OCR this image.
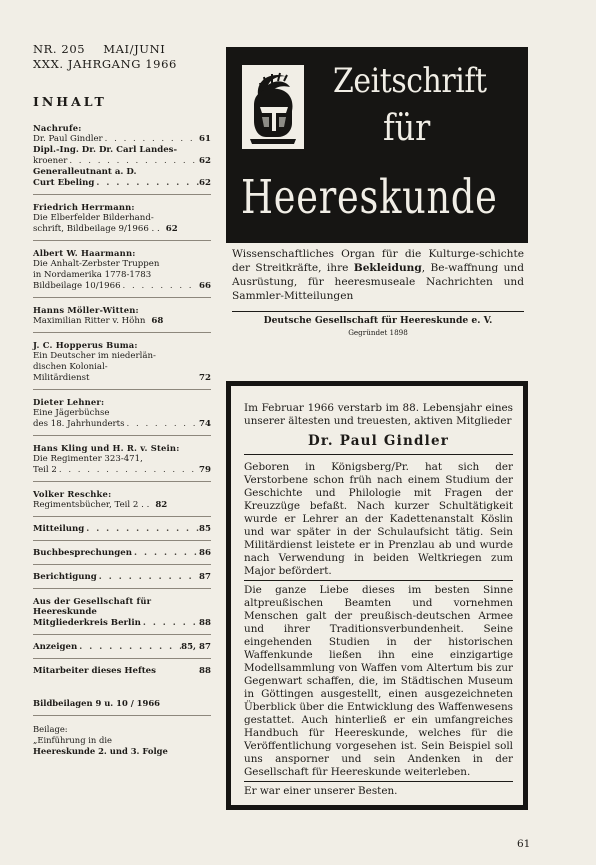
NR. 205 MAI/JUNI
XXX. JAHRGANG 1966
INHALT
Nachrufe:
Dr. Paul Gindler . . .	61
Dipl.-Ing. Dr. Dr. Carl Landes-
kroener . . .	62
Generalleutnant a. D.
Curt Ebeling . . .	62
Friedrich Herrmann:
Die Elberfelder Bilderhand-
schrift, Bildbeilage 9/1966 . . 62
Albert W. Haarmann:
Die Anhalt-Zerbster Truppen
in Nordamerika 1778-1783
Bildbeilage 10/1966 . . .	66
Hanns Möller-Witten:
Maximilian Ritter v. Höhn 68
J. C. Hopperus Buma:
Ein Deutscher im niederlän-
dischen Kolonial-
Militärdienst	72
Dieter Lehner:
Eine Jägerbüchse
des 18. Jahrhunderts . . .	74
Hans Kling und H. R. v. Stein:
Die Regimenter 323-471,
Teil 2 . . .	79
Volker Reschke:
Regimentsbücher, Teil 2 . . 82
Mitteilung . . .	85
Buchbesprechungen . . .	86
Berichtigung . . .	87
Aus der Gesellschaft für
Heereskunde
Mitgliederkreis Berlin . . .	88
Anzeigen . . .	85, 87
Mitarbeiter dieses Heftes	88
Bildbeilagen 9 u. 10 / 1966
Beilage:
„Einführung in die
Heereskunde 2. und 3. Folge
Zeitschrift
für
Heereskunde
Wissenschaftliches Organ für die Kulturge-schichte der Streitkräfte, ihre Bekleidung, Be-waffnung und Ausrüstung, für heeresmuseale Nachrichten und Sammler-Mitteilungen
Deutsche Gesellschaft für Heereskunde e. V.
Gegründet 1898

Im Februar 1966 verstarb im 88. Lebensjahr eines unserer ältesten und treuesten, aktiven Mitglieder

Dr. Paul Gindler

Geboren in Königsberg/Pr. hat sich der Verstorbene schon früh nach einem Studium der Geschichte und Philologie mit Fragen der Kreuzzüge befaßt. Nach kurzer Schultätigkeit wurde er Lehrer an der Kadettenanstalt Köslin und war später in der Schulaufsicht tätig. Sein Militärdienst leistete er in Prenzlau ab und wurde nach Verwendung in beiden Weltkriegen zum Major befördert.

Die ganze Liebe dieses im besten Sinne altpreußischen Beamten und vornehmen Menschen galt der preußisch-deutschen Armee und ihrer Traditionsverbundenheit. Seine eingehenden Studien in der historischen Waffenkunde ließen ihn eine einzigartige Modellsammlung von Waffen vom Altertum bis zur Gegenwart schaffen, die, im Städtischen Museum in Göttingen ausgestellt, einen ausgezeichneten Überblick über die Entwicklung des Waffenwesens gestattet. Auch hinterließ er ein umfangreiches Handbuch für Heereskunde, welches für die Veröffentlichung vorgesehen ist. Sein Beispiel soll uns ansporner und sein Andenken in der Gesellschaft für Heereskunde weiterleben.

Er war einer unserer Besten.

61
